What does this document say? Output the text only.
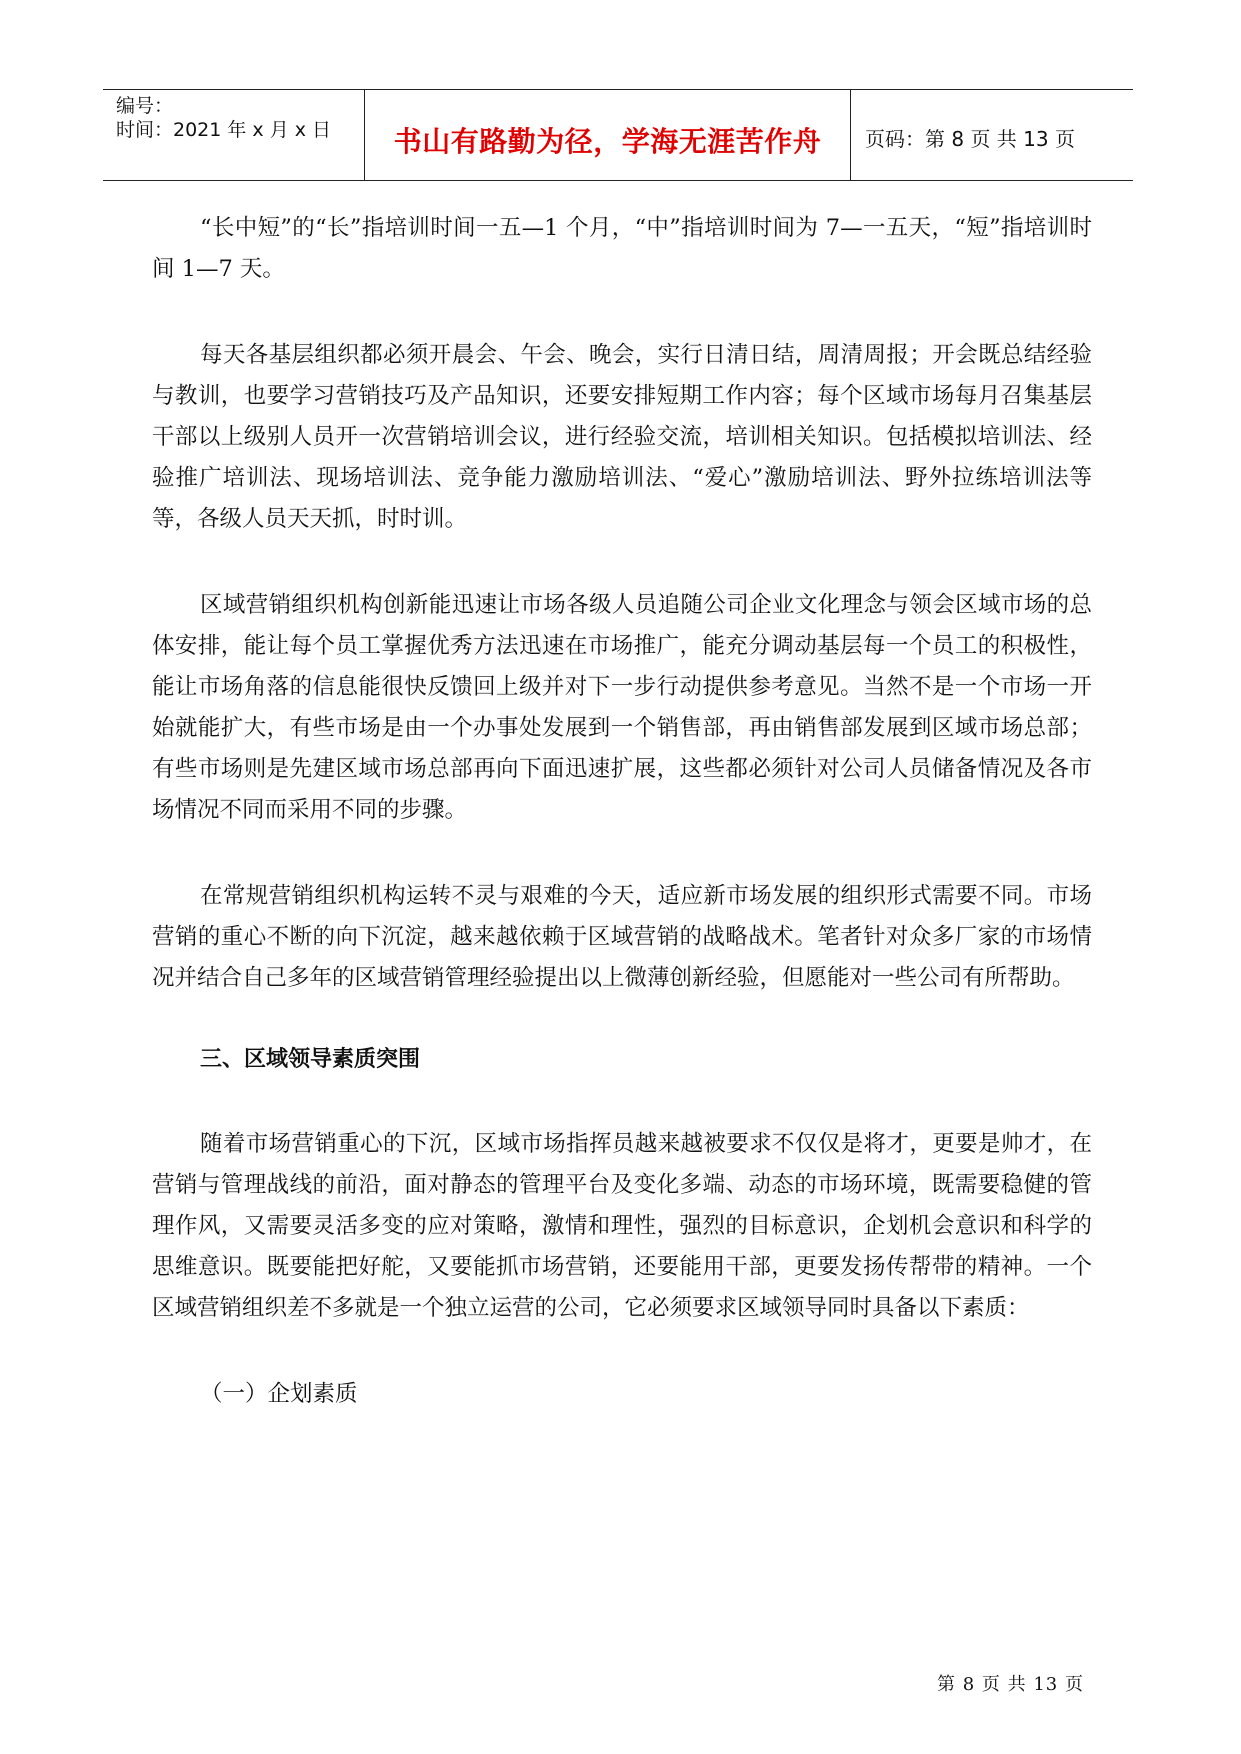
编号：
时间：2021 年 x 月 x 日	书山有路勤为径，学海无涯苦作舟	页码：第 8 页 共 13 页

“长中短”的“长”指培训时间一五—1 个月，“中”指培训时间为 7—一五天，“短”指培训时间 1—7 天。

每天各基层组织都必须开晨会、午会、晚会，实行日清日结，周清周报；开会既总结经验与教训，也要学习营销技巧及产品知识，还要安排短期工作内容；每个区域市场每月召集基层干部以上级别人员开一次营销培训会议，进行经验交流，培训相关知识。包括模拟培训法、经验推广培训法、现场培训法、竞争能力激励培训法、“爱心”激励培训法、野外拉练培训法等等，各级人员天天抓，时时训。

区域营销组织机构创新能迅速让市场各级人员追随公司企业文化理念与领会区域市场的总体安排，能让每个员工掌握优秀方法迅速在市场推广，能充分调动基层每一个员工的积极性，能让市场角落的信息能很快反馈回上级并对下一步行动提供参考意见。当然不是一个市场一开始就能扩大，有些市场是由一个办事处发展到一个销售部，再由销售部发展到区域市场总部；有些市场则是先建区域市场总部再向下面迅速扩展，这些都必须针对公司人员储备情况及各市场情况不同而采用不同的步骤。

在常规营销组织机构运转不灵与艰难的今天，适应新市场发展的组织形式需要不同。市场营销的重心不断的向下沉淀，越来越依赖于区域营销的战略战术。笔者针对众多厂家的市场情况并结合自己多年的区域营销管理经验提出以上微薄创新经验，但愿能对一些公司有所帮助。

三、区域领导素质突围

随着市场营销重心的下沉，区域市场指挥员越来越被要求不仅仅是将才，更要是帅才，在营销与管理战线的前沿，面对静态的管理平台及变化多端、动态的市场环境，既需要稳健的管理作风，又需要灵活多变的应对策略，激情和理性，强烈的目标意识，企划机会意识和科学的思维意识。既要能把好舵，又要能抓市场营销，还要能用干部，更要发扬传帮带的精神。一个区域营销组织差不多就是一个独立运营的公司，它必须要求区域领导同时具备以下素质：

（一）企划素质
第 8 页 共 13 页
